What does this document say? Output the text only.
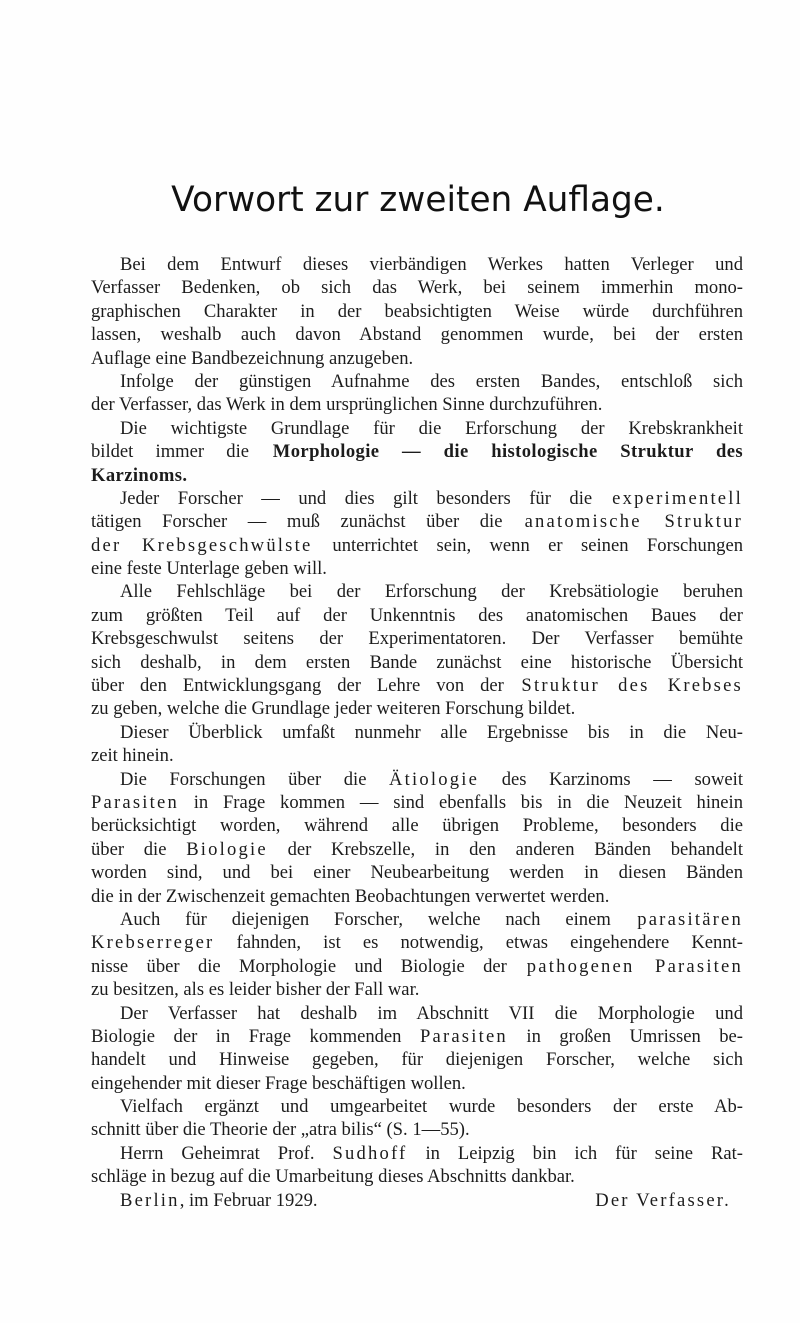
Vorwort zur zweiten Auflage.
Bei dem Entwurf dieses vierbändigen Werkes hatten Verleger und
Verfasser Bedenken, ob sich das Werk, bei seinem immerhin mono-
graphischen Charakter in der beabsichtigten Weise würde durchführen
lassen, weshalb auch davon Abstand genommen wurde, bei der ersten
Auflage eine Bandbezeichnung anzugeben.
Infolge der günstigen Aufnahme des ersten Bandes, entschloß sich
der Verfasser, das Werk in dem ursprünglichen Sinne durchzuführen.
Die wichtigste Grundlage für die Erforschung der Krebskrankheit
bildet immer die  Morphologie — die histologische Struktur des
Karzinoms.
Jeder Forscher — und dies gilt besonders für die  experimentell
tätigen Forscher — muß zunächst über die  anatomische Struktur
der Krebsgeschwülste  unterrichtet sein, wenn er seinen Forschungen
eine feste Unterlage geben will.
Alle Fehlschläge bei der Erforschung der Krebsätiologie beruhen
zum größten Teil auf der Unkenntnis des anatomischen Baues der
Krebsgeschwulst seitens der Experimentatoren. Der Verfasser bemühte
sich deshalb, in dem ersten Bande zunächst eine historische Übersicht
über den Entwicklungsgang der Lehre von der  Struktur des Krebses
zu geben, welche die Grundlage jeder weiteren Forschung bildet.
Dieser Überblick umfaßt nunmehr alle Ergebnisse bis in die Neu-
zeit hinein.
Die Forschungen über die Ätiologie des Karzinoms — soweit
Parasiten in Frage kommen — sind ebenfalls bis in die Neuzeit hinein
berücksichtigt worden, während alle übrigen Probleme, besonders die
über die Biologie der Krebszelle, in den anderen Bänden behandelt
worden sind, und bei einer Neubearbeitung werden in diesen Bänden
die in der Zwischenzeit gemachten Beobachtungen verwertet werden.
Auch für diejenigen Forscher, welche nach einem  parasitären
Krebserreger fahnden, ist es notwendig, etwas eingehendere Kennt-
nisse über die Morphologie und Biologie der  pathogenen Parasiten
zu besitzen, als es leider bisher der Fall war.
Der Verfasser hat deshalb im Abschnitt VII die Morphologie und
Biologie der in Frage kommenden Parasiten in großen Umrissen be-
handelt und Hinweise gegeben, für diejenigen Forscher, welche sich
eingehender mit dieser Frage beschäftigen wollen.
Vielfach ergänzt und umgearbeitet wurde besonders der erste Ab-
schnitt über die Theorie der „atra bilis“ (S. 1—55).
Herrn Geheimrat Prof. Sudhoff in Leipzig bin ich für seine Rat-
schläge in bezug auf die Umarbeitung dieses Abschnitts dankbar.
Berlin, im Februar 1929.	Der Verfasser.
